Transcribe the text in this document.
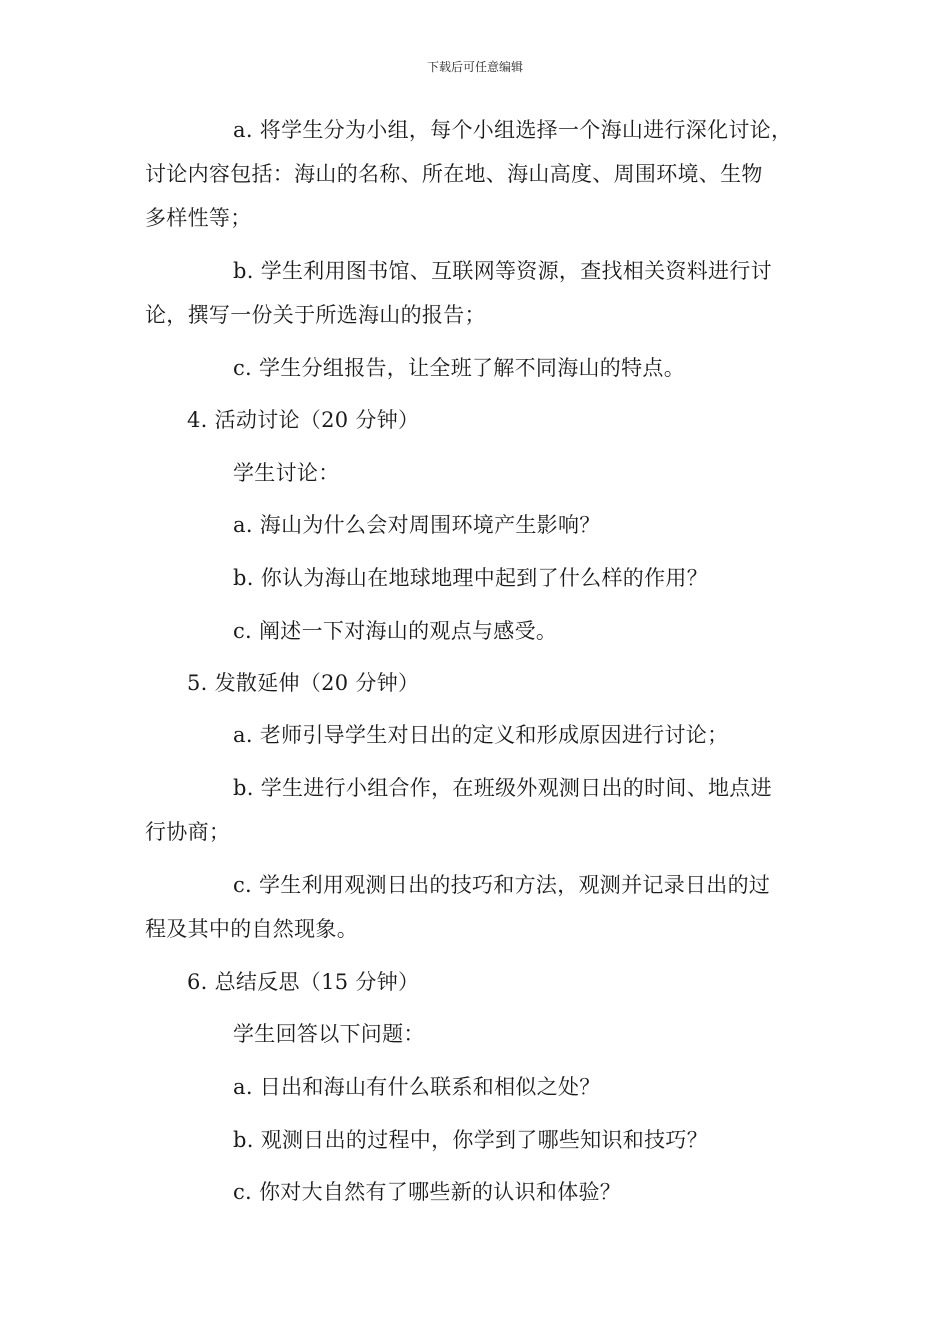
下载后可任意编辑
a. 将学生分为小组，每个小组选择一个海山进行深化讨论，
讨论内容包括：海山的名称、所在地、海山高度、周围环境、生物
多样性等；
b. 学生利用图书馆、互联网等资源，查找相关资料进行讨
论，撰写一份关于所选海山的报告；
c. 学生分组报告，让全班了解不同海山的特点。
4. 活动讨论（20 分钟）
学生讨论：
a. 海山为什么会对周围环境产生影响？
b. 你认为海山在地球地理中起到了什么样的作用？
c. 阐述一下对海山的观点与感受。
5. 发散延伸（20 分钟）
a. 老师引导学生对日出的定义和形成原因进行讨论；
b. 学生进行小组合作，在班级外观测日出的时间、地点进
行协商；
c. 学生利用观测日出的技巧和方法，观测并记录日出的过
程及其中的自然现象。
6. 总结反思（15 分钟）
学生回答以下问题：
a. 日出和海山有什么联系和相似之处？
b. 观测日出的过程中，你学到了哪些知识和技巧？
c. 你对大自然有了哪些新的认识和体验？
